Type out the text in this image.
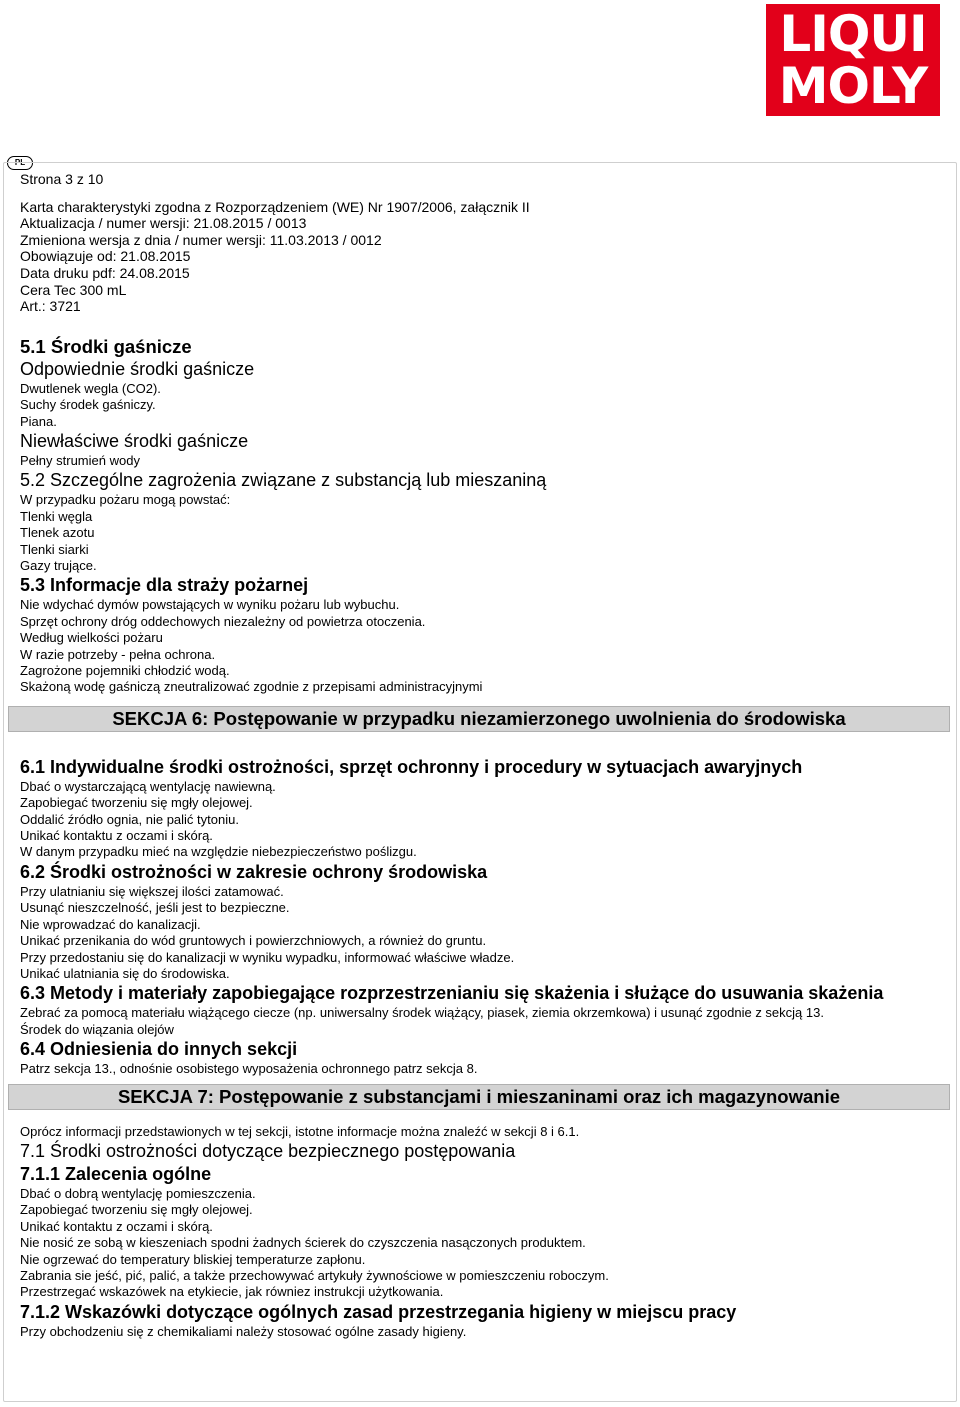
LIQUI
MOLY
PL
Strona 3 z 10
Karta charakterystyki zgodna z Rozporządzeniem (WE) Nr 1907/2006, załącznik II
Aktualizacja / numer wersji: 21.08.2015 / 0013
Zmieniona wersja z dnia / numer wersji: 11.03.2013 / 0012
Obowiązuje od: 21.08.2015
Data druku pdf: 24.08.2015
Cera Tec 300 mL
Art.: 3721
5.1 Środki gaśnicze
Odpowiednie środki gaśnicze
Dwutlenek wegla (CO2).
Suchy środek gaśniczy.
Piana.
Niewłaściwe środki gaśnicze
Pełny strumień wody
5.2 Szczególne zagrożenia związane z substancją lub mieszaniną
W przypadku pożaru mogą powstać:
Tlenki węgla
Tlenek azotu
Tlenki siarki
Gazy trujące.
5.3 Informacje dla straży pożarnej
Nie wdychać dymów powstających w wyniku pożaru lub wybuchu.
Sprzęt ochrony dróg oddechowych niezależny od powietrza otoczenia.
Według wielkości pożaru
W razie potrzeby - pełna ochrona.
Zagrożone pojemniki chłodzić wodą.
Skażoną wodę gaśniczą zneutralizować zgodnie z przepisami administracyjnymi
SEKCJA 6: Postępowanie w przypadku niezamierzonego uwolnienia do środowiska
6.1 Indywidualne środki ostrożności, sprzęt ochronny i procedury w sytuacjach awaryjnych
Dbać o wystarczającą wentylację nawiewną.
Zapobiegać tworzeniu się mgły olejowej.
Oddalić źródło ognia, nie palić tytoniu.
Unikać kontaktu z oczami i skórą.
W danym przypadku mieć na względzie niebezpieczeństwo poślizgu.
6.2 Środki ostrożności w zakresie ochrony środowiska
Przy ulatnianiu się większej ilości zatamować.
Usunąć nieszczelność, jeśli jest to bezpieczne.
Nie wprowadzać do kanalizacji.
Unikać przenikania do wód gruntowych i powierzchniowych, a również do gruntu.
Przy przedostaniu się do kanalizacji w wyniku wypadku, informować właściwe władze.
Unikać ulatniania się do środowiska.
6.3 Metody i materiały zapobiegające rozprzestrzenianiu się skażenia i służące do usuwania skażenia
Zebrać za pomocą materiału wiążącego ciecze (np. uniwersalny środek wiążący, piasek, ziemia okrzemkowa) i usunąć zgodnie z sekcją 13.
Środek do wiązania olejów
6.4 Odniesienia do innych sekcji
Patrz sekcja 13., odnośnie osobistego wyposażenia ochronnego patrz sekcja 8.
SEKCJA 7: Postępowanie z substancjami i mieszaninami oraz ich magazynowanie
Oprócz informacji przedstawionych w tej sekcji, istotne informacje można znaleźć w sekcji 8 i 6.1.
7.1 Środki ostrożności dotyczące bezpiecznego postępowania
7.1.1 Zalecenia ogólne
Dbać o dobrą wentylację pomieszczenia.
Zapobiegać tworzeniu się mgły olejowej.
Unikać kontaktu z oczami i skórą.
Nie nosić ze sobą w kieszeniach spodni żadnych ścierek do czyszczenia nasączonych produktem.
Nie ogrzewać do temperatury bliskiej temperaturze zapłonu.
Zabrania sie jeść, pić, palić, a także przechowywać artykuły żywnościowe w pomieszczeniu roboczym.
Przestrzegać wskazówek na etykiecie, jak równiez instrukcji użytkowania.
7.1.2 Wskazówki dotyczące ogólnych zasad przestrzegania higieny w miejscu pracy
Przy obchodzeniu się z chemikaliami należy stosować ogólne zasady higieny.
